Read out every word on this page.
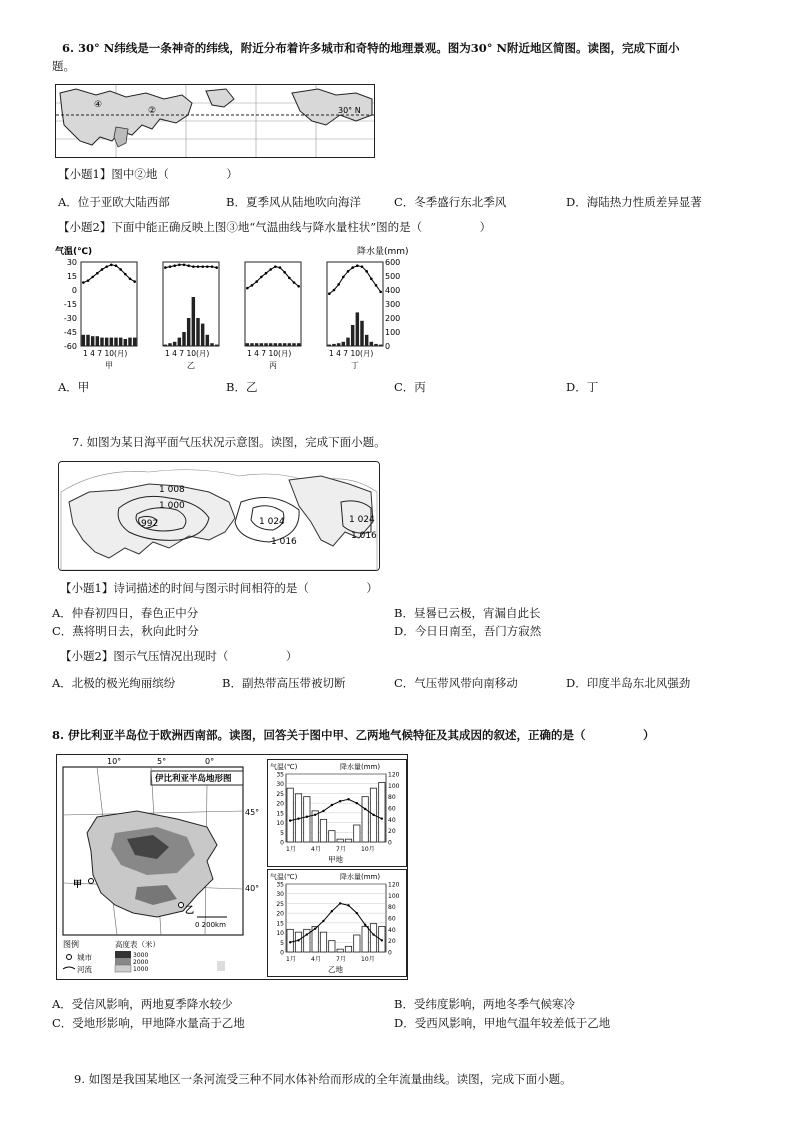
6. 30° N纬线是一条神奇的纬线，附近分布着许多城市和奇特的地理景观。图为30° N附近地区简图。读图，完成下面小
题。
②
④
30° N
【小题1】图中②地（　　　　　）
A．位于亚欧大陆西部	B．夏季风从陆地吹向海洋	C．冬季盛行东北季风	D．海陆热力性质差异显著
【小题2】下面中能正确反映上图③地“气温曲线与降水量柱状”图的是（　　　　　）
气温(℃)	降水量(mm)
30
15
0
-15
-30
-45
-60
600
500
400
300
200
100
0
1 4 7 10(月)
甲
1 4 7 10(月)
乙
1 4 7 10(月)
丙
1 4 7 10(月)
丁
A．甲	B．乙	C．丙	D．丁
7. 如图为某日海平面气压状况示意图。读图，完成下面小题。
1 008
1 000
992	1 024
1 016
1 024
1 016
【小题1】诗词描述的时间与图示时间相符的是（　　　　　）
A．仲春初四日，春色正中分	B．昼晷已云极，宵漏自此长
C．燕将明日去，秋向此时分	D．今日日南至，吾门方寂然
【小题2】图示气压情况出现时（　　　　　）
A．北极的极光绚丽缤纷	B．副热带高压带被切断	C．气压带风带向南移动	D．印度半岛东北风强劲
8. 伊比利亚半岛位于欧洲西南部。读图，回答关于图中甲、乙两地气候特征及其成因的叙述，正确的是（　　　　　）
10°	5°	0°
伊比利亚半岛地形图
45°
40°
甲
乙
0 200km
图例	高度表（米）
城市
河流
3000
2000
1000
气温(℃)	降水量(mm)
35
30
25
20
15
10
5
0
120
100
80
60
40
20
0
1月	4月	7月	10月
甲地
气温(℃)	降水量(mm)
35
30
25
20
15
10
5
0
120
100
80
60
40
20
0
1月	4月	7月	10月
乙地
A．受信风影响，两地夏季降水较少	B．受纬度影响，两地冬季气候寒冷
C．受地形影响，甲地降水量高于乙地	D．受西风影响，甲地气温年较差低于乙地
9. 如图是我国某地区一条河流受三种不同水体补给而形成的全年流量曲线。读图，完成下面小题。
